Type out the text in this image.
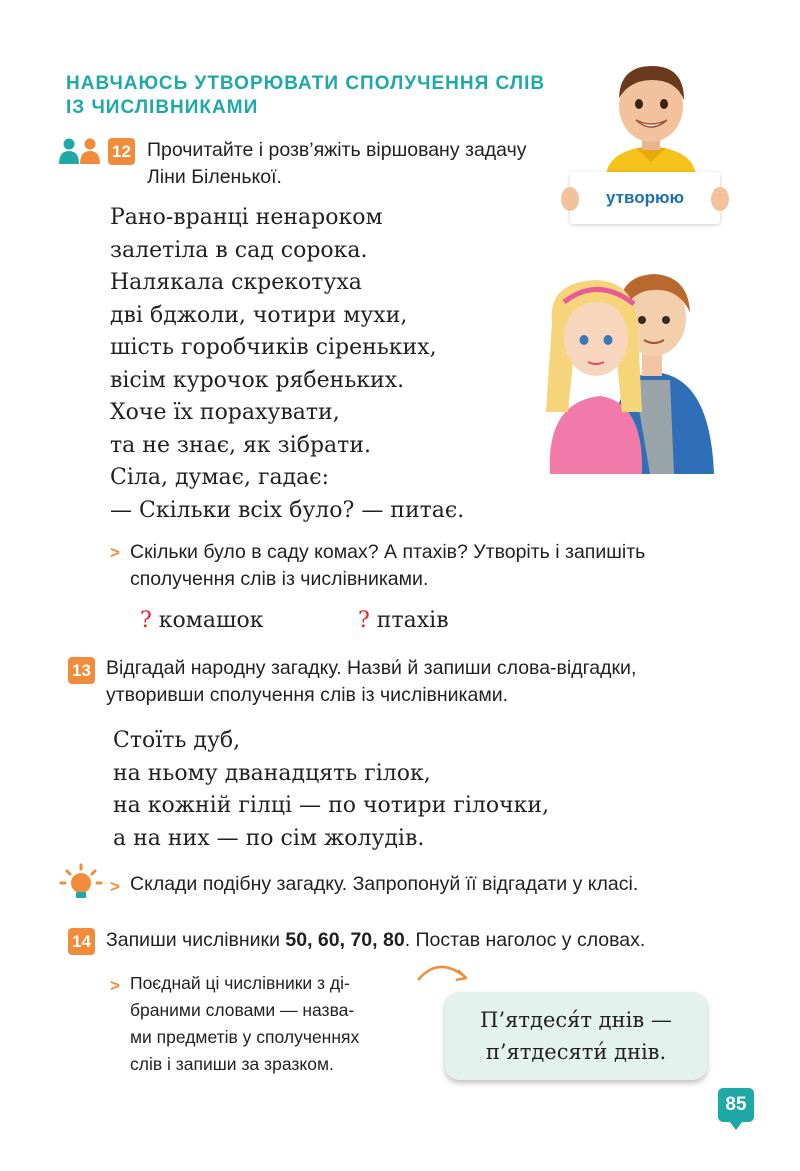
НАВЧАЮСЬ УТВОРЮВАТИ СПОЛУЧЕННЯ СЛІВ
ІЗ ЧИСЛІВНИКАМИ
утворюю
12 Прочитайте і розв’яжіть віршовану задачу
Ліни Біленької.
Рано-вранці ненароком
залетіла в сад сорока.
Налякала скрекотуха
дві бджоли, чотири мухи,
шість горобчиків сіреньких,
вісім курочок рябеньких.
Хоче їх порахувати,
та не знає, як зібрати.
Сіла, думає, гадає:
— Скільки всіх було? — питає.
> Скільки було в саду комах? А птахів? Утворіть і запишіть
сполучення слів із числівниками.
? комашок	? птахів
13 Відгадай народну загадку. Назви́ й запиши слова-відгадки,
утворивши сполучення слів із числівниками.
Стоїть дуб,
на ньому дванадцять гілок,
на кожній гілці — по чотири гілочки,
а на них — по сім жолудів.
> Склади подібну загадку. Запропонуй її відгадати у класі.
14 Запиши числівники 50, 60, 70, 80. Постав наголос у словах.
> Поєднай ці числівники з ді-
браними словами — назва-
ми предметів у сполученнях
слів і запиши за зразком.
П’ятдеся́т днів —
п’ятдесяти́ днів.
85
